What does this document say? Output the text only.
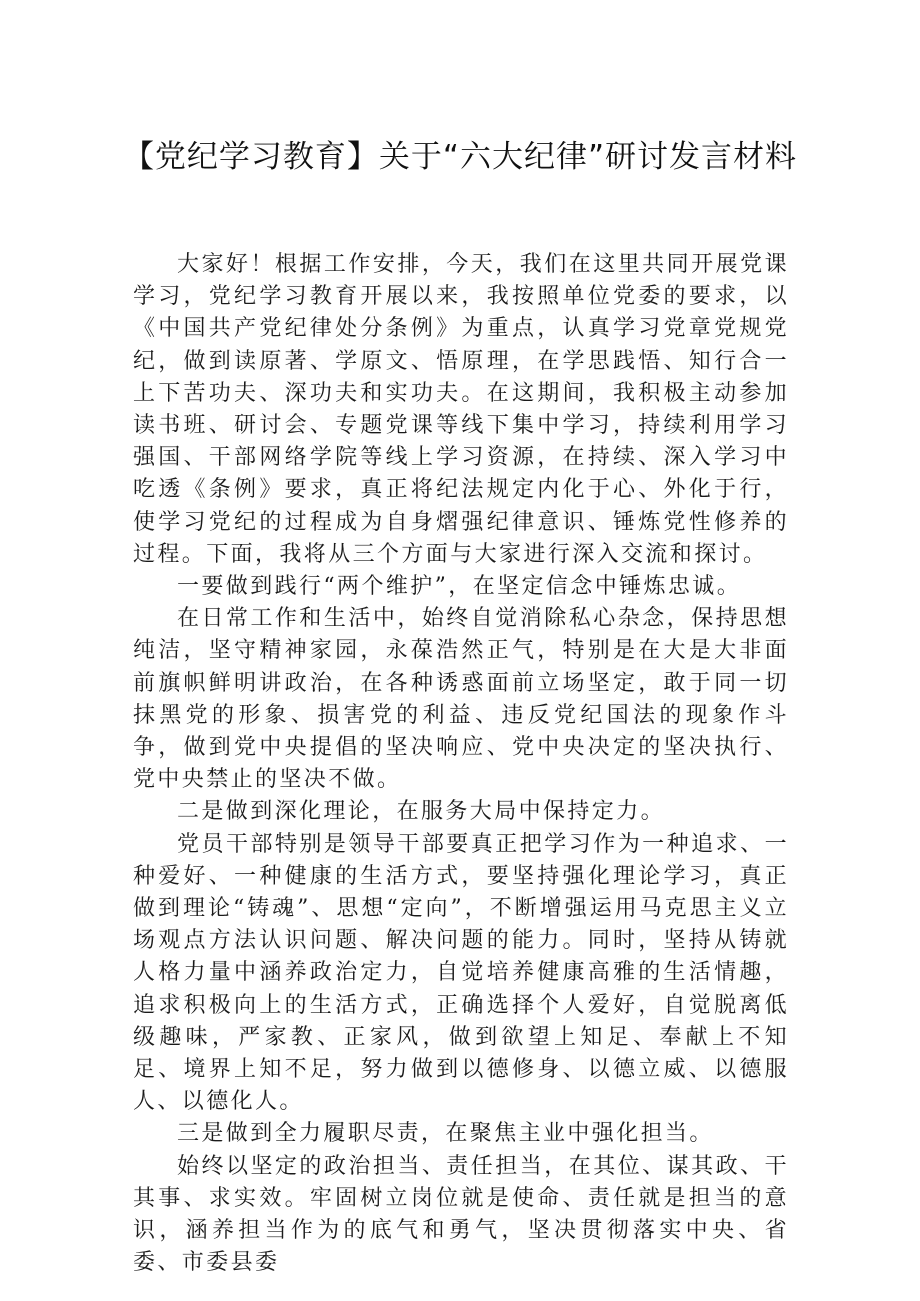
【党纪学习教育】关于“六大纪律”研讨发言材料

大家好！根据工作安排，今天，我们在这里共同开展党课学习，党纪学习教育开展以来，我按照单位党委的要求，以《中国共产党纪律处分条例》为重点，认真学习党章党规党纪，做到读原著、学原文、悟原理，在学思践悟、知行合一上下苦功夫、深功夫和实功夫。在这期间，我积极主动参加读书班、研讨会、专题党课等线下集中学习，持续利用学习强国、干部网络学院等线上学习资源，在持续、深入学习中吃透《条例》要求，真正将纪法规定内化于心、外化于行，使学习党纪的过程成为自身熠强纪律意识、锤炼党性修养的过程。下面，我将从三个方面与大家进行深入交流和探讨。

一要做到践行“两个维护”，在坚定信念中锤炼忠诚。

在日常工作和生活中，始终自觉消除私心杂念，保持思想纯洁，坚守精神家园，永葆浩然正气，特别是在大是大非面前旗帜鲜明讲政治，在各种诱惑面前立场坚定，敢于同一切抹黑党的形象、损害党的利益、违反党纪国法的现象作斗争，做到党中央提倡的坚决响应、党中央决定的坚决执行、党中央禁止的坚决不做。

二是做到深化理论，在服务大局中保持定力。

党员干部特别是领导干部要真正把学习作为一种追求、一种爱好、一种健康的生活方式，要坚持强化理论学习，真正做到理论“铸魂”、思想“定向”，不断增强运用马克思主义立场观点方法认识问题、解决问题的能力。同时，坚持从铸就人格力量中涵养政治定力，自觉培养健康高雅的生活情趣，追求积极向上的生活方式，正确选择个人爱好，自觉脱离低级趣味，严家教、正家风，做到欲望上知足、奉献上不知足、境界上知不足，努力做到以德修身、以德立威、以德服人、以德化人。

三是做到全力履职尽责，在聚焦主业中强化担当。

始终以坚定的政治担当、责任担当，在其位、谋其政、干其事、求实效。牢固树立岗位就是使命、责任就是担当的意识，涵养担当作为的底气和勇气，坚决贯彻落实中央、省委、市委县委
